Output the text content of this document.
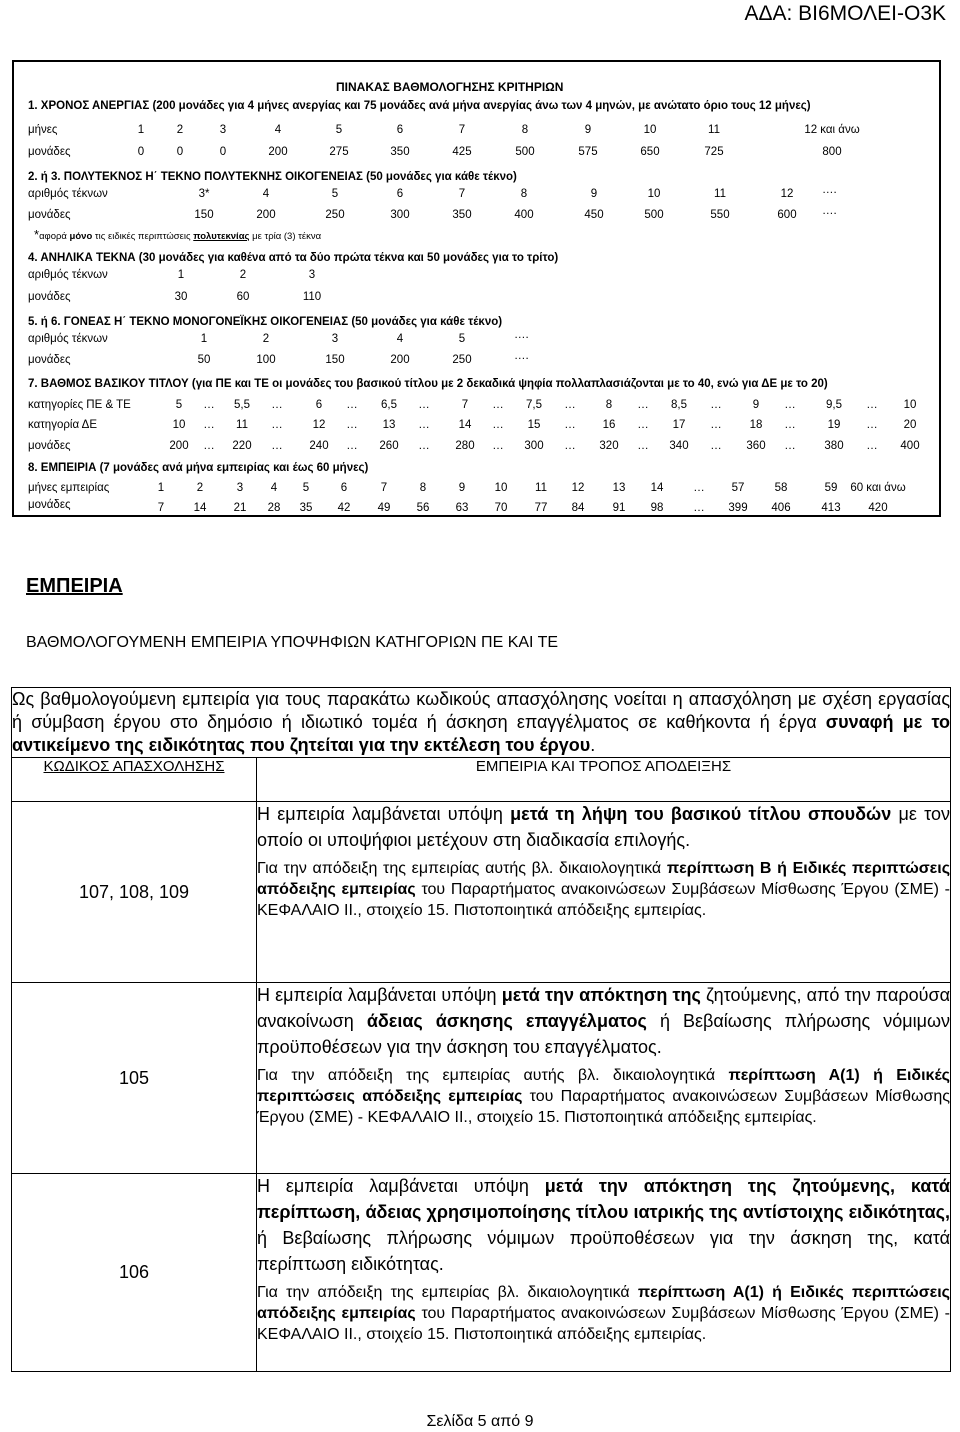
ΑΔΑ: ΒΙ6ΜΟΛΕΙ-Ο3Κ
ΠΙΝΑΚΑΣ ΒΑΘΜΟΛΟΓΗΣΗΣ ΚΡΙΤΗΡΙΩΝ
1. ΧΡΟΝΟΣ ΑΝΕΡΓΙΑΣ (200 μονάδες για 4 μήνες ανεργίας και 75 μονάδες ανά μήνα ανεργίας άνω των 4 μηνών, με ανώτατο όριο τους 12 μήνες)
μήνες	1	2	3	4	5	6	7	8	9	10	11	12 και άνω
μονάδες	0	0	0	200	275	350	425	500	575	650	725	800
2. ή 3. ΠΟΛΥΤΕΚΝΟΣ Η΄ ΤΕΚΝΟ ΠΟΛΥΤΕΚΝΗΣ ΟΙΚΟΓΕΝΕΙΑΣ (50 μονάδες για κάθε τέκνο)
αριθμός τέκνων	3*	4	5	6	7	8	9	10	11	12 ….
μονάδες	150	200	250	300	350	400	450	500	550	600 ….
*αφορά μόνο τις ειδικές περιπτώσεις πολυτεκνίας με τρία (3) τέκνα
4. ΑΝΗΛΙΚΑ ΤΕΚΝΑ (30 μονάδες για καθένα από τα δύο πρώτα τέκνα και 50 μονάδες για το τρίτο)
αριθμός τέκνων	1	2	3
μονάδες	30	60	110
5. ή 6. ΓΟΝΕΑΣ Η΄ ΤΕΚΝΟ ΜΟΝΟΓΟΝΕΪΚΗΣ ΟΙΚΟΓΕΝΕΙΑΣ (50 μονάδες για κάθε τέκνο)
αριθμός τέκνων	1	2	3	4	5	….
μονάδες	50	100	150	200	250	….
7. ΒΑΘΜΟΣ ΒΑΣΙΚΟΥ ΤΙΤΛΟΥ (για ΠΕ και ΤΕ οι μονάδες του βασικού τίτλου με 2 δεκαδικά ψηφία πολλαπλασιάζονται με το 40, ενώ για ΔΕ με το 20)
κατηγορίες ΠΕ & ΤΕ	5 … 5,5 …	6 … 6,5 …	7 … 7,5 …	8 … 8,5 …	9 …	9,5 … 10
κατηγορία ΔΕ	10 … 11 …	12 … 13 …	14 … 15 … 16 … 17 … 18 …	19 … 20
μονάδες	200 … 220 … 240 … 260 … 280 … 300 … 320 … 340 … 360 … 380 … 400
8. ΕΜΠΕΙΡΙΑ (7 μονάδες ανά μήνα εμπειρίας και έως 60 μήνες)
μήνες εμπειρίας	1	2	3 4 5	6	7	8	9	10 11 12 13 14	… 57	58	59 60 και άνω
μονάδες	7	14 21 28 35 42 49 56 63 70 77 84 91 98	… 399 406	413 420
ΕΜΠΕΙΡΙΑ
ΒΑΘΜΟΛΟΓΟΥΜΕΝΗ ΕΜΠΕΙΡΙΑ ΥΠΟΨΗΦΙΩΝ ΚΑΤΗΓΟΡΙΩΝ ΠΕ ΚΑΙ ΤΕ
Ως βαθμολογούμενη εμπειρία για τους παρακάτω κωδικούς απασχόλησης νοείται η απασχόληση με σχέση εργασίας ή σύμβαση έργου στο δημόσιο ή ιδιωτικό τομέα ή άσκηση επαγγέλματος σε καθήκοντα ή έργα συναφή με το αντικείμενο της ειδικότητας που ζητείται για την εκτέλεση του έργου.	
ΚΩΔΙΚΟΣ ΑΠΑΣΧΟΛΗΣΗΣ	ΕΜΠΕΙΡΙΑ ΚΑΙ ΤΡΟΠΟΣ ΑΠΟΔΕΙΞΗΣ
107, 108, 109	Η εμπειρία λαμβάνεται υπόψη μετά τη λήψη του βασικού τίτλου σπουδών με τον οποίο οι υποψήφιοι μετέχουν στη διαδικασία επιλογής.
Για την απόδειξη της εμπειρίας αυτής βλ. δικαιολογητικά περίπτωση Β ή Ειδικές περιπτώσεις απόδειξης εμπειρίας του Παραρτήματος ανακοινώσεων Συμβάσεων Μίσθωσης Έργου (ΣΜΕ) - ΚΕΦΑΛΑΙΟ ΙΙ., στοιχείο 15. Πιστοποιητικά απόδειξης εμπειρίας.

105	Η εμπειρία λαμβάνεται υπόψη μετά την απόκτηση της ζητούμενης, από την παρούσα ανακοίνωση άδειας άσκησης επαγγέλματος ή Βεβαίωσης πλήρωσης νόμιμων προϋποθέσεων για την άσκηση του επαγγέλματος.
Για την απόδειξη της εμπειρίας αυτής βλ. δικαιολογητικά περίπτωση Α(1) ή Ειδικές περιπτώσεις απόδειξης εμπειρίας του Παραρτήματος ανακοινώσεων Συμβάσεων Μίσθωσης Έργου (ΣΜΕ) - ΚΕΦΑΛΑΙΟ ΙΙ., στοιχείο 15. Πιστοποιητικά απόδειξης εμπειρίας.

106	Η εμπειρία λαμβάνεται υπόψη μετά την απόκτηση της ζητούμενης, κατά περίπτωση, άδειας χρησιμοποίησης τίτλου ιατρικής της αντίστοιχης ειδικότητας, ή Βεβαίωσης πλήρωσης νόμιμων προϋποθέσεων για την άσκηση της, κατά περίπτωση ειδικότητας.
Για την απόδειξη της εμπειρίας βλ. δικαιολογητικά περίπτωση Α(1) ή Ειδικές περιπτώσεις απόδειξης εμπειρίας του Παραρτήματος ανακοινώσεων Συμβάσεων Μίσθωσης Έργου (ΣΜΕ) - ΚΕΦΑΛΑΙΟ ΙΙ., στοιχείο 15. Πιστοποιητικά απόδειξης εμπειρίας.
Σελίδα 5 από 9
